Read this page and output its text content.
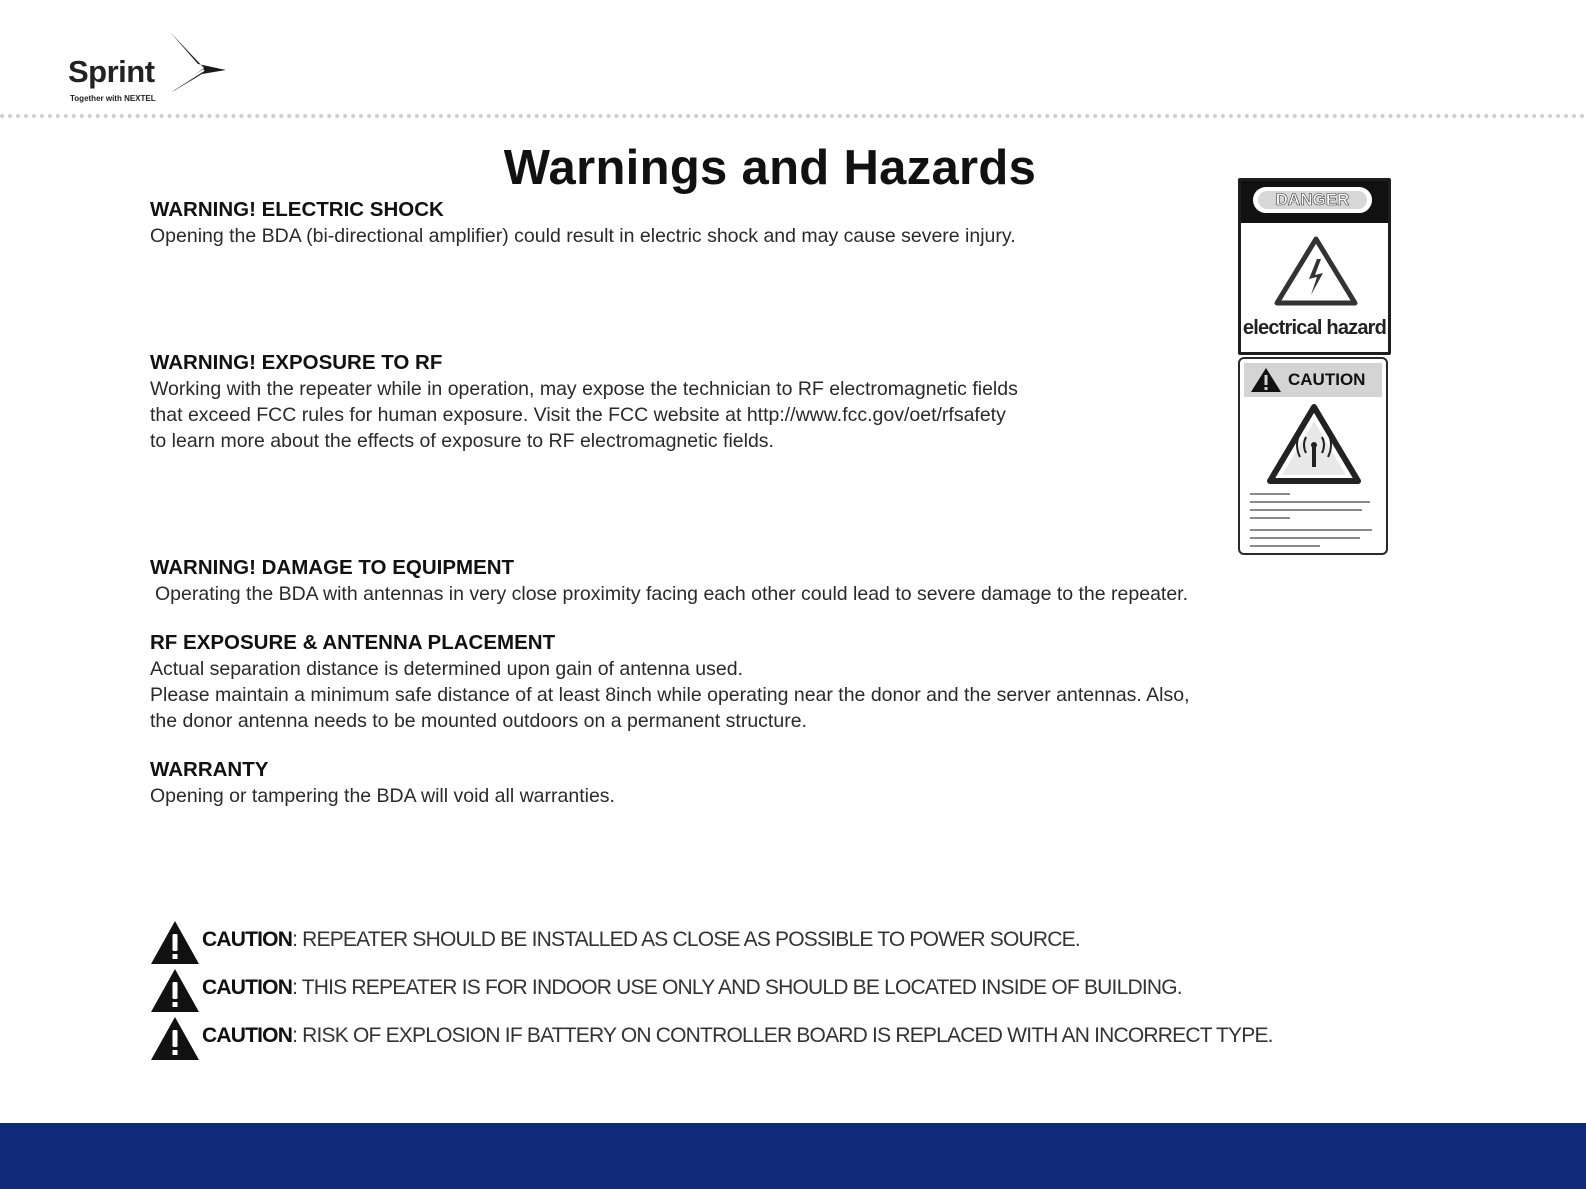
Sprint
Together with NEXTEL
Warnings and Hazards
WARNING! ELECTRIC SHOCK

Opening the BDA (bi-directional amplifier) could result in electric shock and may cause severe injury.

WARNING! EXPOSURE TO RF

Working with the repeater while in operation, may expose the technician to RF electromagnetic fields

that exceed FCC rules for human exposure. Visit the FCC website at http://www.fcc.gov/oet/rfsafety

to learn more about the effects of exposure to RF electromagnetic fields.

WARNING! DAMAGE TO EQUIPMENT

Operating the BDA with antennas in very close proximity facing each other could lead to severe damage to the repeater.

RF EXPOSURE & ANTENNA PLACEMENT

Actual separation distance is determined upon gain of antenna used.

Please maintain a minimum safe distance of at least 8inch while operating near the donor and the server antennas. Also,

the donor antenna needs to be mounted outdoors on a permanent structure.

WARRANTY

Opening or tampering the BDA will void all warranties.

DANGER
electrical hazard
CAUTION
CAUTION: REPEATER SHOULD BE INSTALLED AS CLOSE AS POSSIBLE TO POWER SOURCE.
CAUTION: THIS REPEATER IS FOR INDOOR USE ONLY AND SHOULD BE LOCATED INSIDE OF BUILDING.
CAUTION: RISK OF EXPLOSION IF BATTERY ON CONTROLLER BOARD IS REPLACED WITH AN INCORRECT TYPE.
